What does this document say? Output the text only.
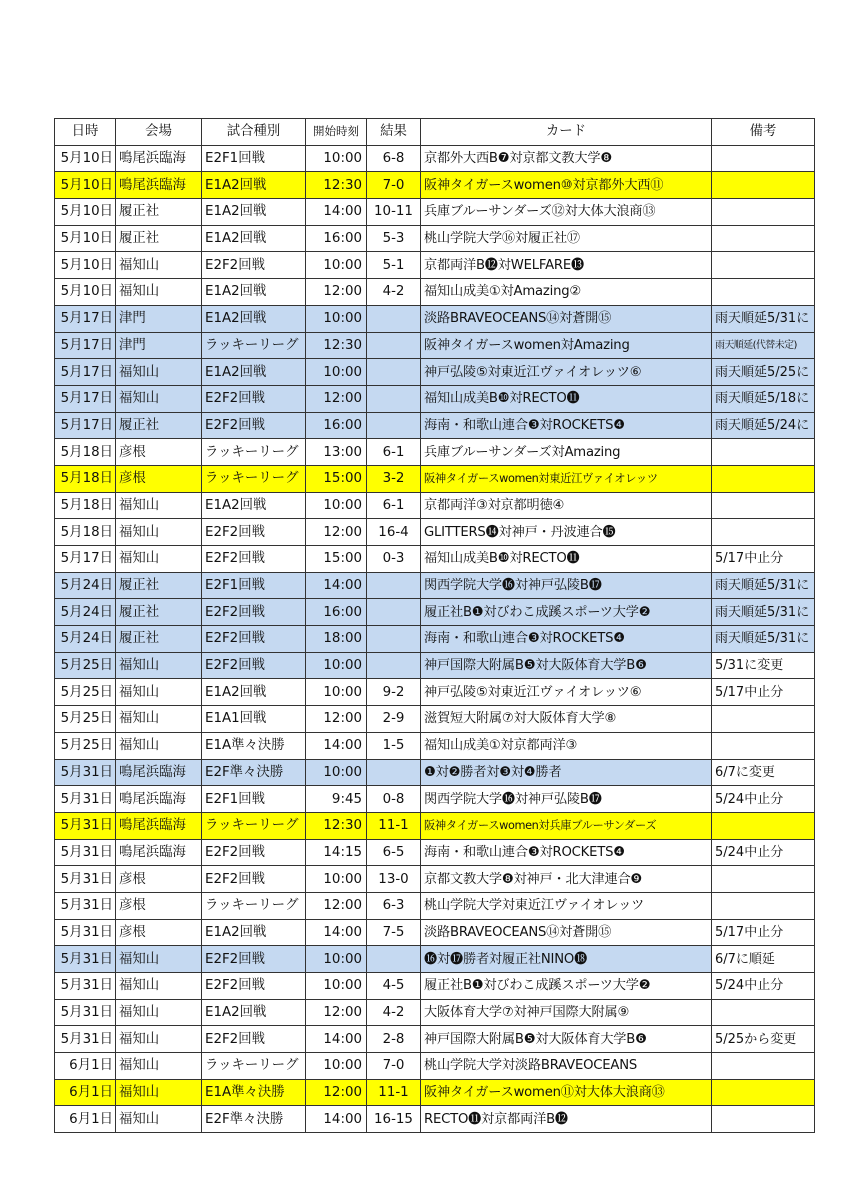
日時	会場	試合種別	開始時刻	結果	カード	備考
5月10日	鳴尾浜臨海	E2F1回戦	10:00	6-8	京都外大西B❼対京都文教大学❽	
5月10日	鳴尾浜臨海	E1A2回戦	12:30	7-0	阪神タイガースwomen⑩対京都外大西⑪	
5月10日	履正社	E1A2回戦	14:00	10-11	兵庫ブルーサンダーズ⑫対大体大浪商⑬	
5月10日	履正社	E1A2回戦	16:00	5-3	桃山学院大学⑯対履正社⑰	
5月10日	福知山	E2F2回戦	10:00	5-1	京都両洋B⓬対WELFARE⓭	
5月10日	福知山	E1A2回戦	12:00	4-2	福知山成美①対Amazing②	
5月17日	津門	E1A2回戦	10:00		淡路BRAVEOCEANS⑭対蒼開⑮	雨天順延5/31に
5月17日	津門	ラッキーリーグ	12:30		阪神タイガースwomen対Amazing	雨天順延(代替未定)
5月17日	福知山	E1A2回戦	10:00		神戸弘陵⑤対東近江ヴァイオレッツ⑥	雨天順延5/25に
5月17日	福知山	E2F2回戦	12:00		福知山成美B❿対RECTO⓫	雨天順延5/18に
5月17日	履正社	E2F2回戦	16:00		海南・和歌山連合❸対ROCKETS❹	雨天順延5/24に
5月18日	彦根	ラッキーリーグ	13:00	6-1	兵庫ブルーサンダーズ対Amazing	
5月18日	彦根	ラッキーリーグ	15:00	3-2	阪神タイガースwomen対東近江ヴァイオレッツ	
5月18日	福知山	E1A2回戦	10:00	6-1	京都両洋③対京都明徳④	
5月18日	福知山	E2F2回戦	12:00	16-4	GLITTERS⓮対神戸・丹波連合⓯	
5月17日	福知山	E2F2回戦	15:00	0-3	福知山成美B❿対RECTO⓫	5/17中止分
5月24日	履正社	E2F1回戦	14:00		関西学院大学⓰対神戸弘陵B⓱	雨天順延5/31に
5月24日	履正社	E2F2回戦	16:00		履正社B❶対びわこ成蹊スポーツ大学❷	雨天順延5/31に
5月24日	履正社	E2F2回戦	18:00		海南・和歌山連合❸対ROCKETS❹	雨天順延5/31に
5月25日	福知山	E2F2回戦	10:00		神戸国際大附属B❺対大阪体育大学B❻	5/31に変更
5月25日	福知山	E1A2回戦	10:00	9-2	神戸弘陵⑤対東近江ヴァイオレッツ⑥	5/17中止分
5月25日	福知山	E1A1回戦	12:00	2-9	滋賀短大附属⑦対大阪体育大学⑧	
5月25日	福知山	E1A準々決勝	14:00	1-5	福知山成美①対京都両洋③	
5月31日	鳴尾浜臨海	E2F準々決勝	10:00		❶対❷勝者対❸対❹勝者	6/7に変更
5月31日	鳴尾浜臨海	E2F1回戦	9:45	0-8	関西学院大学⓰対神戸弘陵B⓱	5/24中止分
5月31日	鳴尾浜臨海	ラッキーリーグ	12:30	11-1	阪神タイガースwomen対兵庫ブルーサンダーズ	
5月31日	鳴尾浜臨海	E2F2回戦	14:15	6-5	海南・和歌山連合❸対ROCKETS❹	5/24中止分
5月31日	彦根	E2F2回戦	10:00	13-0	京都文教大学❽対神戸・北大津連合❾	
5月31日	彦根	ラッキーリーグ	12:00	6-3	桃山学院大学対東近江ヴァイオレッツ	
5月31日	彦根	E1A2回戦	14:00	7-5	淡路BRAVEOCEANS⑭対蒼開⑮	5/17中止分
5月31日	福知山	E2F2回戦	10:00		⓰対⓱勝者対履正社NINO⓲	6/7に順延
5月31日	福知山	E2F2回戦	10:00	4-5	履正社B❶対びわこ成蹊スポーツ大学❷	5/24中止分
5月31日	福知山	E1A2回戦	12:00	4-2	大阪体育大学⑦対神戸国際大附属⑨	
5月31日	福知山	E2F2回戦	14:00	2-8	神戸国際大附属B❺対大阪体育大学B❻	5/25から変更
6月1日	福知山	ラッキーリーグ	10:00	7-0	桃山学院大学対淡路BRAVEOCEANS	
6月1日	福知山	E1A準々決勝	12:00	11-1	阪神タイガースwomen⑪対大体大浪商⑬	
6月1日	福知山	E2F準々決勝	14:00	16-15	RECTO⓫対京都両洋B⓬	
